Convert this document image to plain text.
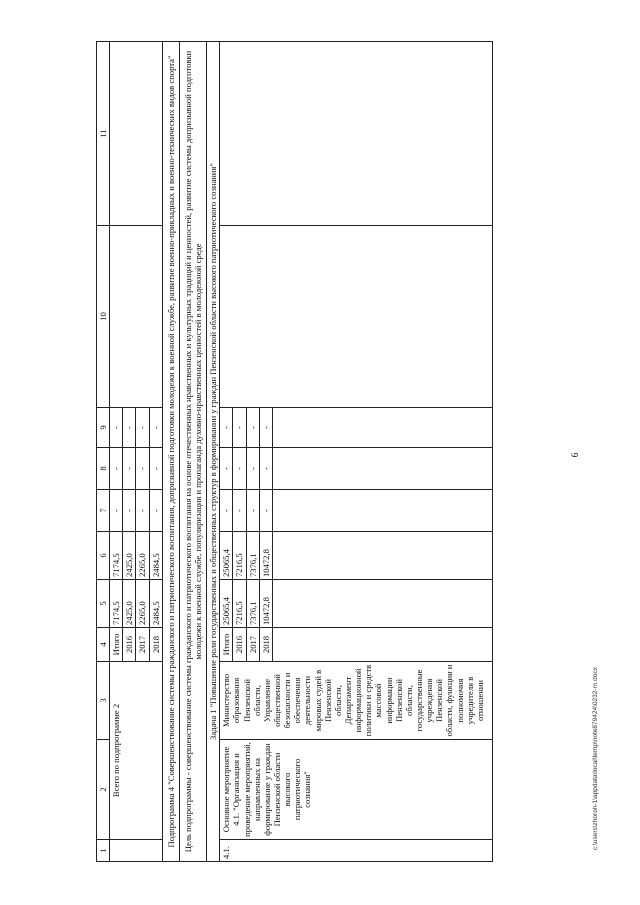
6
c:\users\zhoroh-1\appdata\local\temp\note879424\0232-rn.docx
1	2	3	4	5	6	7	8	9	10	11
	Всего по подпрограмме 2		Итого	7174,5	7174,5	-	-	-		
			2016	2425,0	2425,0	-	-	-		
			2017	2265,0	2265,0	-	-	-		
			2018	2484,5	2484,5	-	-	-		
Подпрограмма 4 "Совершенствование системы гражданского и патриотического воспитания, допризывной подготовки молодежи к военной службе, развитие военно-прикладных и военно-технических видов спорта"										
Цель подпрограммы - совершенствование системы гражданского и патриотического воспитания на основе отечественных нравственных и культурных традиций и ценностей, развитие системы допризывной подготовки молодежи к военной службе, популяризация и пропаганда духовно-нравственных ценностей в молодежной среде										
Задача 1 "Повышение роли государственных и общественных структур в формировании у граждан Пензенской области высокого патриотического сознания"										
4.1.	Основное мероприятие 4.1. "Организация и проведение мероприятий, направленных на формирование у граждан Пензенской области высокого патриотического сознания"	Министерство образования Пензенской области, Управление общественной безопасности и обеспечения деятельности мировых судей в Пензенской области, Департамент информационной политики и средств массовой информации Пензенской области, государственные учреждения Пензенской области, функции и полномочия учредителя в отношении	Итого	25065,4	25065,4	-	-	-		
			2016	7216,5	7216,5	-	-	-		
			2017	7376,1	7376,1	-	-	-		
			2018	10472,8	10472,8	-	-	-		
